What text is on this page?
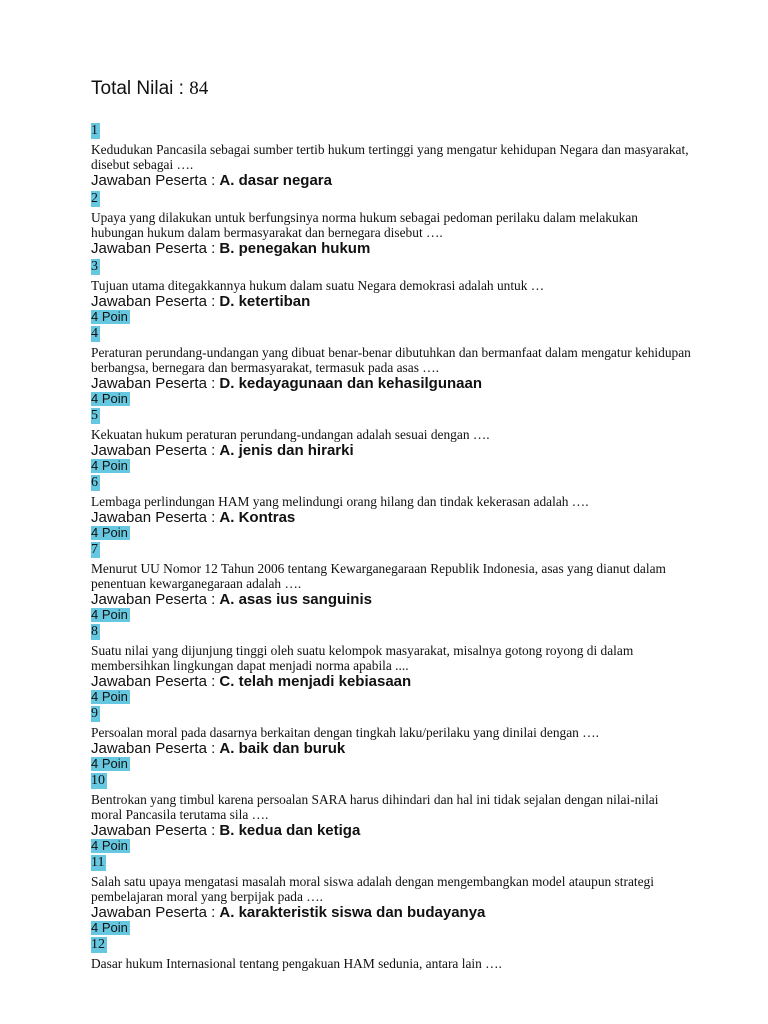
Total Nilai : 84
1
Kedudukan Pancasila sebagai sumber tertib hukum tertinggi yang mengatur kehidupan Negara dan masyarakat, disebut sebagai ….
Jawaban Peserta : A. dasar negara
2
Upaya yang dilakukan untuk berfungsinya norma hukum sebagai pedoman perilaku dalam melakukan hubungan hukum dalam bermasyarakat dan bernegara disebut ….
Jawaban Peserta : B. penegakan hukum
3
Tujuan utama ditegakkannya hukum dalam suatu Negara demokrasi adalah untuk …
Jawaban Peserta : D. ketertiban
4 Poin
4
Peraturan perundang-undangan yang dibuat benar-benar dibutuhkan dan bermanfaat dalam mengatur kehidupan berbangsa, bernegara dan bermasyarakat, termasuk pada asas ….
Jawaban Peserta : D. kedayagunaan dan kehasilgunaan
4 Poin
5
Kekuatan hukum peraturan perundang-undangan adalah sesuai dengan ….
Jawaban Peserta : A. jenis dan hirarki
4 Poin
6
Lembaga perlindungan HAM yang melindungi orang hilang dan tindak kekerasan adalah ….
Jawaban Peserta : A. Kontras
4 Poin
7
Menurut UU Nomor 12 Tahun 2006 tentang Kewarganegaraan Republik Indonesia, asas yang dianut dalam penentuan kewarganegaraan adalah ….
Jawaban Peserta : A. asas ius sanguinis
4 Poin
8
Suatu nilai yang dijunjung tinggi oleh suatu kelompok masyarakat, misalnya gotong royong di dalam membersihkan lingkungan dapat menjadi norma apabila ....
Jawaban Peserta : C. telah menjadi kebiasaan
4 Poin
9
Persoalan moral pada dasarnya berkaitan dengan tingkah laku/perilaku yang dinilai dengan ….
Jawaban Peserta : A. baik dan buruk
4 Poin
10
Bentrokan yang timbul karena persoalan SARA harus dihindari dan hal ini tidak sejalan dengan nilai-nilai moral Pancasila terutama sila ….
Jawaban Peserta : B. kedua dan ketiga
4 Poin
11
Salah satu upaya mengatasi masalah moral siswa adalah dengan mengembangkan model ataupun strategi pembelajaran moral yang berpijak pada ….
Jawaban Peserta : A. karakteristik siswa dan budayanya
4 Poin
12
Dasar hukum Internasional tentang pengakuan HAM sedunia, antara lain ….
